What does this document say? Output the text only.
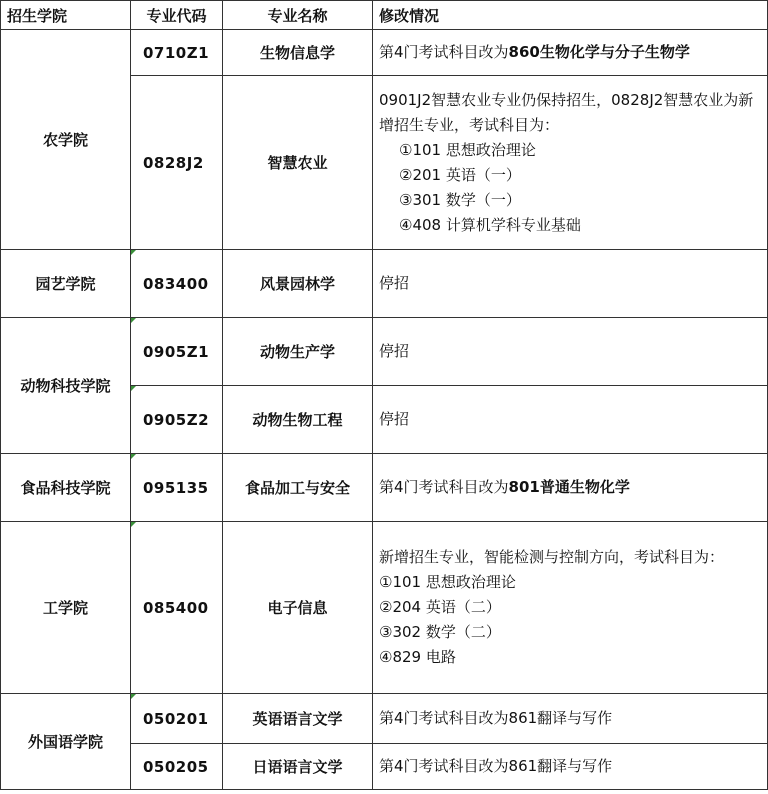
招生学院	专业代码	专业名称	修改情况
农学院	0710Z1	生物信息学	第4门考试科目改为860生物化学与分子生物学
	0828J2	智慧农业	0901J2智慧农业专业仍保持招生，0828J2智慧农业为新增招生专业，考试科目为：
①101 思想政治理论
②201 英语（一）
③301 数学（一）
④408 计算机学科专业基础

园艺学院	083400	风景园林学	停招
动物科技学院	0905Z1	动物生产学	停招
	0905Z2	动物生物工程	停招
食品科技学院	095135	食品加工与安全	第4门考试科目改为801普通生物化学
工学院	085400	电子信息	新增招生专业，智能检测与控制方向，考试科目为：
①101 思想政治理论
②204 英语（二）
③302 数学（二）
④829 电路

外国语学院	050201	英语语言文学	第4门考试科目改为861翻译与写作
	050205	日语语言文学	第4门考试科目改为861翻译与写作
